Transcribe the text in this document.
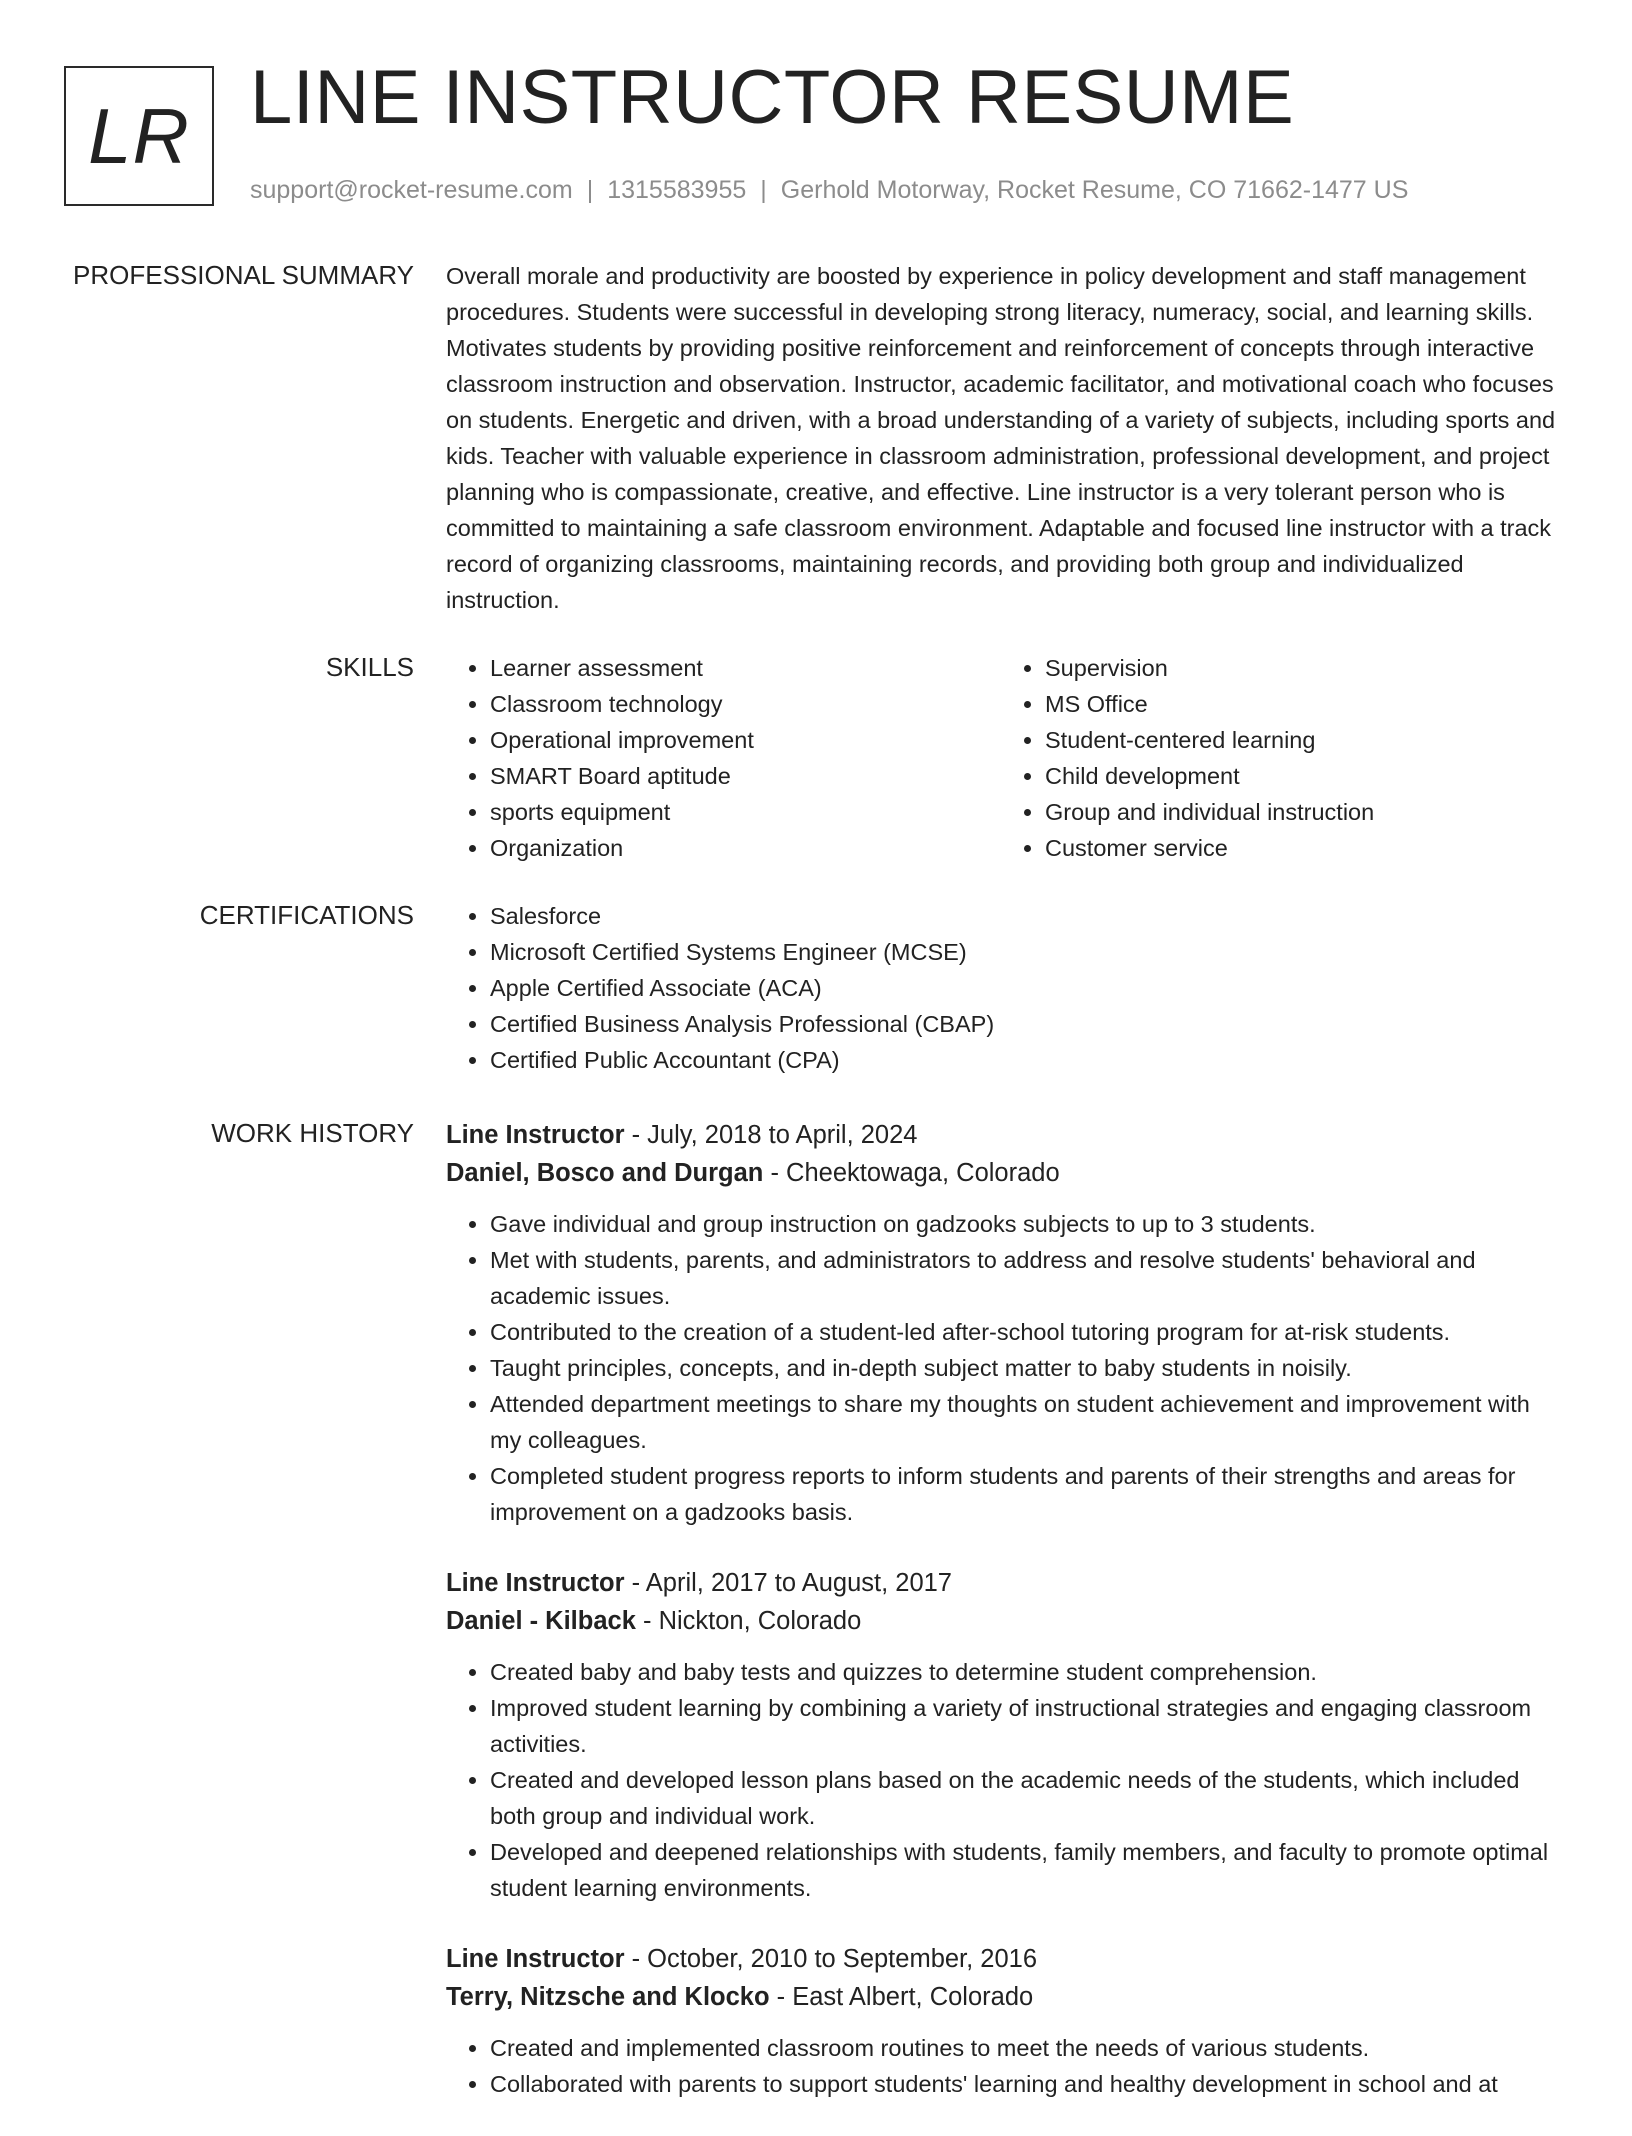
LR LINE INSTRUCTOR RESUME
support@rocket-resume.com | 1315583955 | Gerhold Motorway, Rocket Resume, CO 71662-1477 US
PROFESSIONAL SUMMARY Overall morale and productivity are boosted by experience in policy development and staff management procedures. Students were successful in developing strong literacy, numeracy, social, and learning skills. Motivates students by providing positive reinforcement and reinforcement of concepts through interactive classroom instruction and observation. Instructor, academic facilitator, and motivational coach who focuses on students. Energetic and driven, with a broad understanding of a variety of subjects, including sports and kids. Teacher with valuable experience in classroom administration, professional development, and project planning who is compassionate, creative, and effective. Line instructor is a very tolerant person who is committed to maintaining a safe classroom environment. Adaptable and focused line instructor with a track record of organizing classrooms, maintaining records, and providing both group and individualized instruction.

SKILLS	• Learner assessment
• Classroom technology
• Operational improvement
• SMART Board aptitude
• sports equipment
• Organization
• Supervision
• MS Office
• Student-centered learning
• Child development
• Group and individual instruction
• Customer service
CERTIFICATIONS	• Salesforce
• Microsoft Certified Systems Engineer (MCSE)
• Apple Certified Associate (ACA)
• Certified Business Analysis Professional (CBAP)
• Certified Public Accountant (CPA)
WORK HISTORY Line Instructor - July, 2018 to April, 2024
Daniel, Bosco and Durgan - Cheektowaga, Colorado
• Gave individual and group instruction on gadzooks subjects to up to 3 students.
• Met with students, parents, and administrators to address and resolve students' behavioral and academic issues.
• Contributed to the creation of a student-led after-school tutoring program for at-risk students.
• Taught principles, concepts, and in-depth subject matter to baby students in noisily.
• Attended department meetings to share my thoughts on student achievement and improvement with my colleagues.
• Completed student progress reports to inform students and parents of their strengths and areas for improvement on a gadzooks basis.
Line Instructor - April, 2017 to August, 2017
Daniel - Kilback - Nickton, Colorado
• Created baby and baby tests and quizzes to determine student comprehension.
• Improved student learning by combining a variety of instructional strategies and engaging classroom activities.
• Created and developed lesson plans based on the academic needs of the students, which included both group and individual work.
• Developed and deepened relationships with students, family members, and faculty to promote optimal student learning environments.
Line Instructor - October, 2010 to September, 2016
Terry, Nitzsche and Klocko - East Albert, Colorado
• Created and implemented classroom routines to meet the needs of various students.
• Collaborated with parents to support students' learning and healthy development in school and at
